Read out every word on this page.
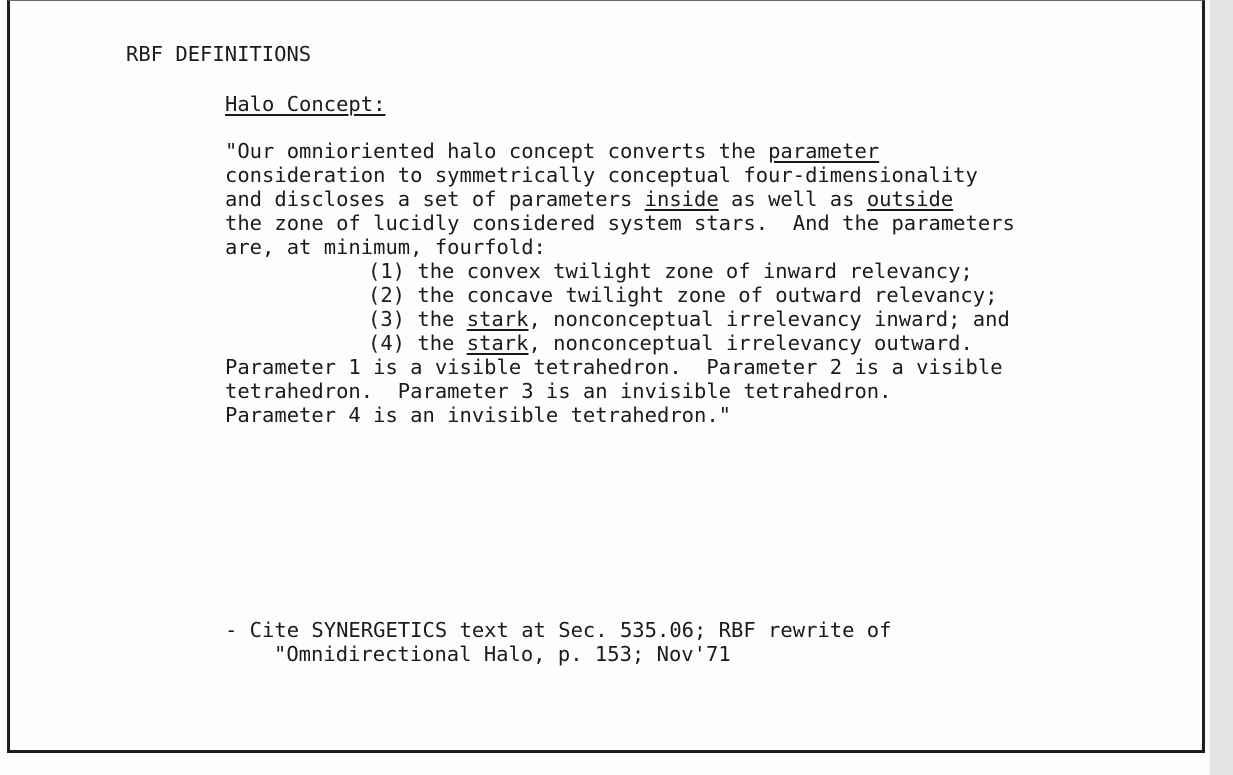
RBF DEFINITIONS

Halo Concept:

"Our omnioriented halo concept converts the parameter

consideration to symmetrically conceptual four-dimensionality

and discloses a set of parameters inside as well as outside

the zone of lucidly considered system stars.  And the parameters

are, at minimum, fourfold:

(1) the convex twilight zone of inward relevancy;

(2) the concave twilight zone of outward relevancy;

(3) the stark, nonconceptual irrelevancy inward; and

(4) the stark, nonconceptual irrelevancy outward.

Parameter 1 is a visible tetrahedron.  Parameter 2 is a visible

tetrahedron.  Parameter 3 is an invisible tetrahedron.

Parameter 4 is an invisible tetrahedron."

- Cite SYNERGETICS text at Sec. 535.06; RBF rewrite of

"Omnidirectional Halo, p. 153; Nov'71
